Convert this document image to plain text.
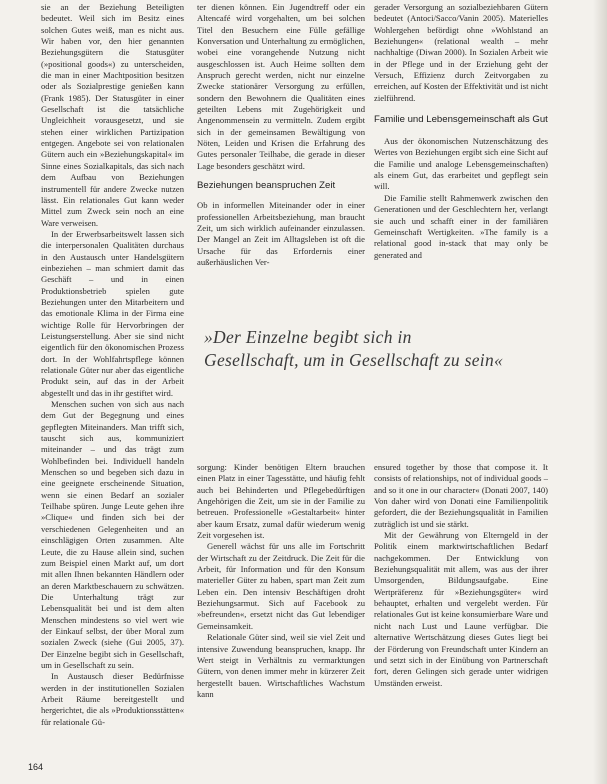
sie an der Beziehung Beteiligten bedeutet. Weil sich im Besitz eines solchen Gutes weiß, man es nicht aus. Wir haben vor, den hier genannten Beziehungsgütern die Statusgüter (»positional goods«) zu unterscheiden, die man in einer Machtposition besitzen oder als Sozialprestige genießen kann (Frank 1985). Der Statusgüter in einer Gesellschaft ist die tatsächliche Ungleichheit vorausgesetzt, und sie stehen einer wirklichen Partizipation entgegen. Angebote sei von relationalen Gütern auch ein »Beziehungskapital« im Sinne eines Sozialkapitals, das sich nach dem Aufbau von Beziehungen instrumentell für andere Zwecke nutzen lässt. Ein relationales Gut kann weder Mittel zum Zweck sein noch an eine Ware verweisen.

In der Erwerbsarbeitswelt lassen sich die interpersonalen Qualitäten durchaus in den Austausch unter Handelsgütern einbeziehen – man schmiert damit das Geschäft – und in einen Produktionsbetrieb spielen gute Beziehungen unter den Mitarbeitern und das emotionale Klima in der Firma eine wichtige Rolle für Hervorbringen der Leistungserstellung. Aber sie sind nicht eigentlich für den ökonomischen Prozess dort. In der Wohlfahrtspflege können relationale Güter nur aber das eigentliche Produkt sein, auf das in der Arbeit abgestellt und das in ihr gestiftet wird.

Menschen suchen von sich aus nach dem Gut der Begegnung und eines gepflegten Miteinanders. Man trifft sich, tauscht sich aus, kommuniziert miteinander – und das trägt zum Wohlbefinden bei. Individuell handeln Menschen so und begeben sich dazu in eine geeignete erscheinende Situation, wenn sie einen Bedarf an sozialer Teilhabe spüren. Junge Leute gehen ihre »Clique« und finden sich bei der verschiedenen Gelegenheiten und an einschlägigen Orten zusammen. Alte Leute, die zu Hause allein sind, suchen zum Beispiel einen Markt auf, um dort mit allen Ihnen bekannten Händlern oder an deren Marktbeschauern zu schwätzen. Die Unterhaltung trägt zur Lebensqualität bei und ist dem alten Menschen mindestens so viel wert wie der Einkauf selbst, der über Moral zum sozialen Zweck (siehe (Gui 2005, 37). Der Einzelne begibt sich in Gesellschaft, um in Gesellschaft zu sein.

In Austausch dieser Bedürfnisse werden in der institutionellen Sozialen Arbeit Räume bereitgestellt und hergerichtet, die als »Produktionsstätten« für relationale Gü-

ter dienen können. Ein Jugendtreff oder ein Altencafé wird vorgehalten, um bei solchen Titel den Besuchern eine Fülle gefällige Konversation und Unterhaltung zu ermöglichen, wobei eine vorangehende Nutzung nicht ausgeschlossen ist. Auch Heime sollten dem Anspruch gerecht werden, nicht nur einzelne Zwecke stationärer Versorgung zu erfüllen, sondern den Bewohnern die Qualitäten eines geteilten Lebens mit Zugehörigkeit und Angenommensein zu vermitteln. Zudem ergibt sich in der gemeinsamen Bewältigung von Nöten, Leiden und Krisen die Erfahrung des Gutes personaler Teilhabe, die gerade in dieser Lage besonders geschätzt wird.

Beziehungen beanspruchen Zeit

Ob in informellen Miteinander oder in einer professionellen Arbeitsbeziehung, man braucht Zeit, um sich wirklich aufeinander einzulassen. Der Mangel an Zeit im Alltagsleben ist oft die Ursache für das Erfordernis einer außerhäuslichen Ver-

gerader Versorgung an sozialbeziehbaren Gütern bedeutet (Antoci/Sacco/Vanin 2005). Materielles Wohlergehen befördigt ohne »Wohlstand an Beziehungen« (relational wealth – mehr nachhaltige (Diwan 2000). In Sozialen Arbeit wie in der Pflege und in der Erziehung geht der Versuch, Effizienz durch Zeitvorgaben zu erreichen, auf Kosten der Effektivität und ist nicht zielführend.

Familie und Lebensgemeinschaft als Gut

Aus der ökonomischen Nutzenschätzung des Wertes von Beziehungen ergibt sich eine Sicht auf die Familie und analoge Lebensgemeinschaften) als einem Gut, das erarbeitet und gepflegt sein will.

Die Familie stellt Rahmenwerk zwischen den Generationen und der Geschlechtern her, verlangt sie auch und schafft einer in der familiären Gemeinschaft Wertigkeiten. »The family is a relational good in-stack that may only be generated and

»Der Einzelne begibt sich in Gesellschaft, um in Gesellschaft zu sein«

sorgung: Kinder benötigen Eltern brauchen einen Platz in einer Tagesstätte, und häufig fehlt auch bei Behinderten und Pflegebedürftigen Angehörigen die Zeit, um sie in der Familie zu betreuen. Professionelle »Gestaltarbeit« hinter aber kaum Ersatz, zumal dafür wiederum wenig Zeit vorgesehen ist.

Generell wächst für uns alle im Fortschritt der Wirtschaft zu der Zeitdruck. Die Zeit für die Arbeit, für Information und für den Konsum materieller Güter zu haben, spart man Zeit zum Leben ein. Den intensiv Beschäftigen droht Beziehungsarmut. Sich auf Facebook zu »befreunden«, ersetzt nicht das Gut lebendiger Gemeinsamkeit.

Relationale Güter sind, weil sie viel Zeit und intensive Zuwendung beanspruchen, knapp. Ihr Wert steigt in Verhältnis zu vermarktungen Gütern, von denen immer mehr in kürzerer Zeit hergestellt bauen. Wirtschaftliches Wachstum kann

ensured together by those that compose it. It consists of relationships, not of individual goods – and so it one in our character« (Donati 2007, 140) Von daher wird von Donati eine Familienpolitik gefordert, die der Beziehungsqualität in Familien zuträglich ist und sie stärkt.

Mit der Gewährung von Elterngeld in der Politik einem marktwirtschaftlichen Bedarf nachgekommen. Der Entwicklung von Beziehungsqualität mit allem, was aus der ihrer Umsorgenden, Bildungsaufgabe. Eine Wertpräferenz für »Beziehungsgüter« wird behauptet, erhalten und vergelebt werden. Für relationales Gut ist keine konsumierbare Ware und nicht nach Lust und Laune verfügbar. Die alternative Wertschätzung dieses Gutes liegt bei der Förderung von Freundschaft unter Kindern an und setzt sich in der Einübung von Partnerschaft fort, deren Gelingen sich gerade unter widrigen Umständen erweist.

164
